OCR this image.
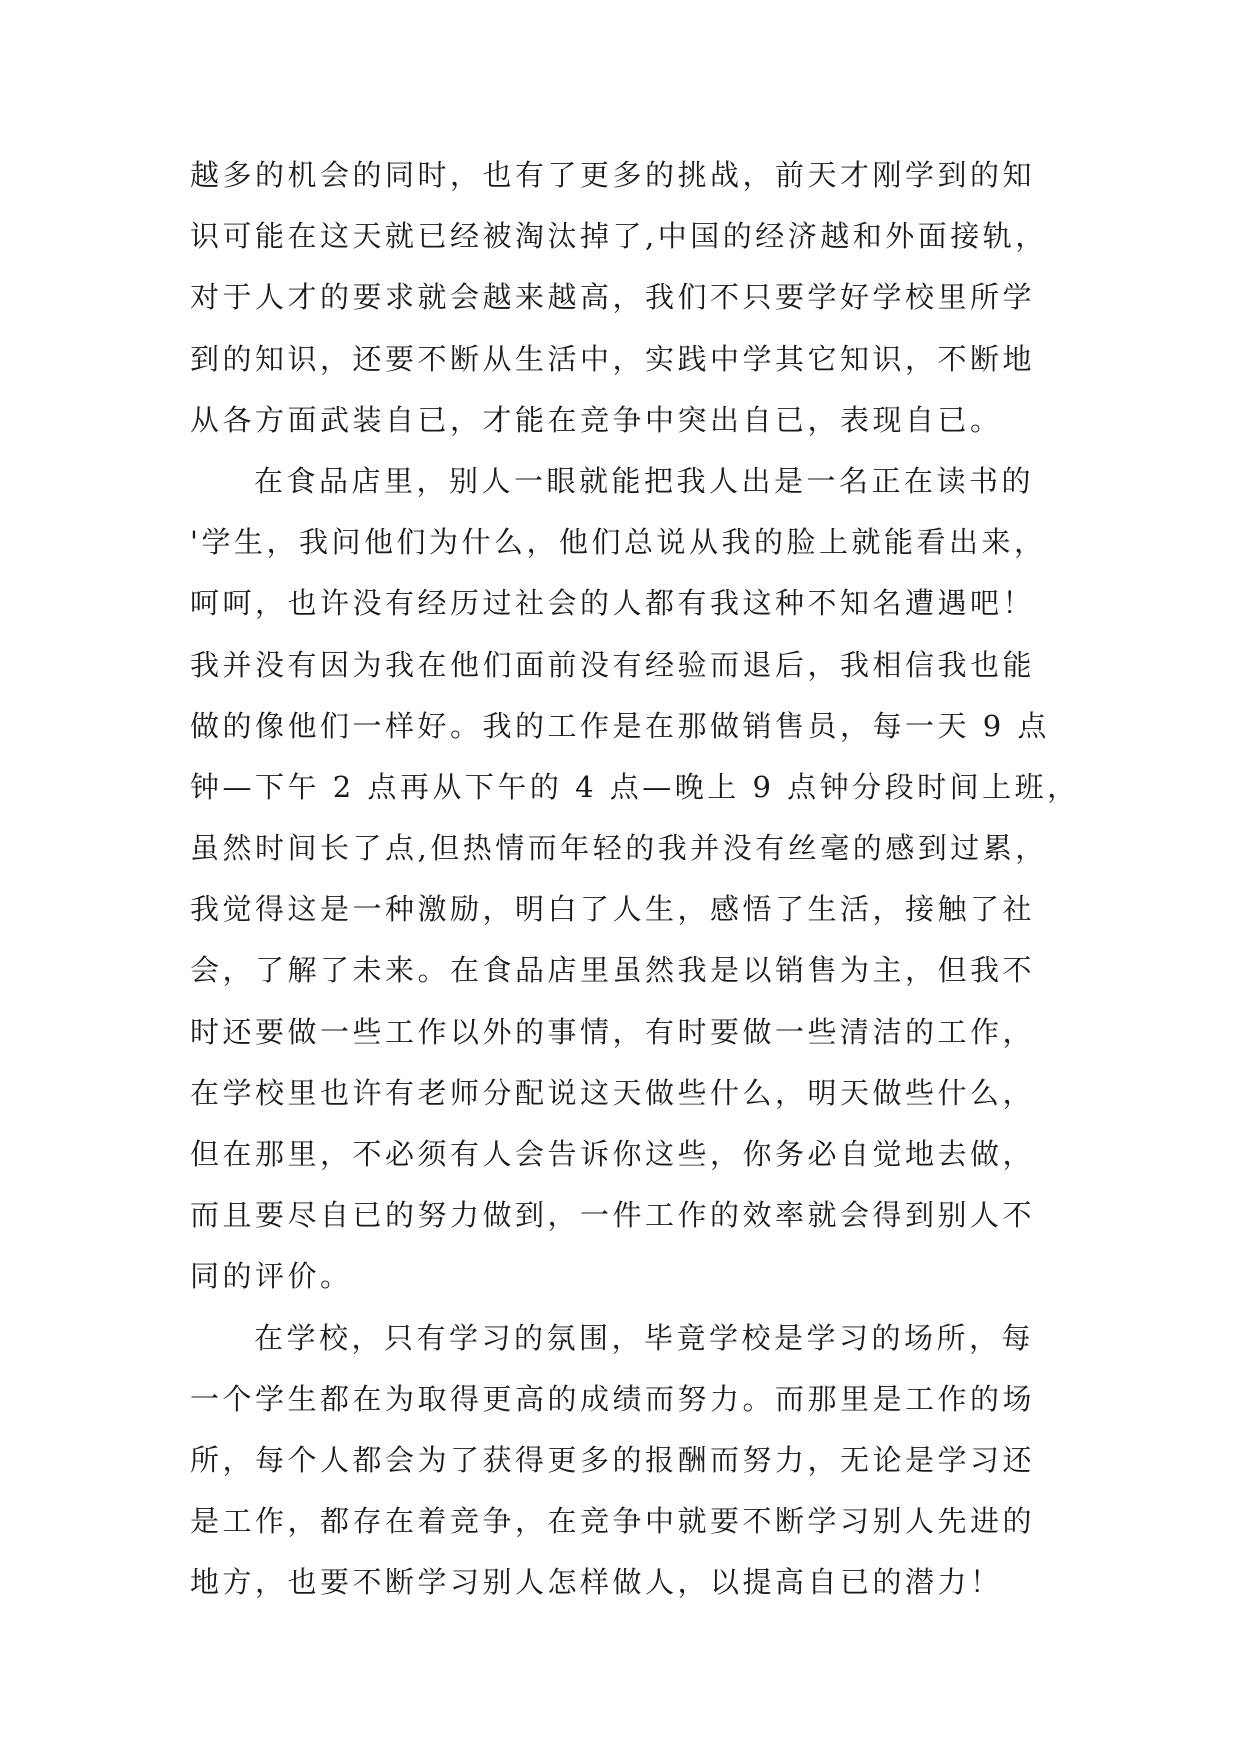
越多的机会的同时，也有了更多的挑战，前天才刚学到的知
识可能在这天就已经被淘汰掉了,中国的经济越和外面接轨，
对于人才的要求就会越来越高，我们不只要学好学校里所学
到的知识，还要不断从生活中，实践中学其它知识，不断地
从各方面武装自已，才能在竞争中突出自已，表现自已。
在食品店里，别人一眼就能把我人出是一名正在读书的
'学生，我问他们为什么，他们总说从我的脸上就能看出来，
呵呵，也许没有经历过社会的人都有我这种不知名遭遇吧！
我并没有因为我在他们面前没有经验而退后，我相信我也能
做的像他们一样好。我的工作是在那做销售员，每一天 9 点
钟—下午 2 点再从下午的 4 点—晚上 9 点钟分段时间上班，
虽然时间长了点,但热情而年轻的我并没有丝毫的感到过累，
我觉得这是一种激励，明白了人生，感悟了生活，接触了社
会，了解了未来。在食品店里虽然我是以销售为主，但我不
时还要做一些工作以外的事情，有时要做一些清洁的工作，
在学校里也许有老师分配说这天做些什么，明天做些什么，
但在那里，不必须有人会告诉你这些，你务必自觉地去做，
而且要尽自已的努力做到，一件工作的效率就会得到别人不
同的评价。
在学校，只有学习的氛围，毕竟学校是学习的场所，每
一个学生都在为取得更高的成绩而努力。而那里是工作的场
所，每个人都会为了获得更多的报酬而努力，无论是学习还
是工作，都存在着竞争，在竞争中就要不断学习别人先进的
地方，也要不断学习别人怎样做人，以提高自已的潜力！
